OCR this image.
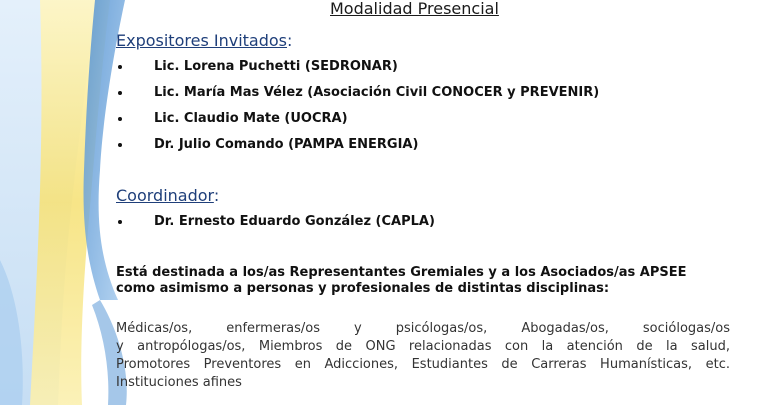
Modalidad Presencial
Expositores Invitados:
Lic. Lorena Puchetti (SEDRONAR)
Lic. María Mas Vélez (Asociación Civil CONOCER y PREVENIR)
Lic. Claudio Mate (UOCRA)
Dr. Julio Comando (PAMPA ENERGIA)
Coordinador:
Dr. Ernesto Eduardo González (CAPLA)

Está destinada a los/as Representantes Gremiales y a los Asociados/as APSEE
como asimismo a personas y profesionales de distintas disciplinas:

Médicas/os, enfermeras/os y psicólogas/os, Abogadas/os, sociólogas/os
y antropólogas/os, Miembros de ONG relacionadas con la atención de la salud,
Promotores Preventores en Adicciones, Estudiantes de Carreras Humanísticas, etc.
Instituciones afines
